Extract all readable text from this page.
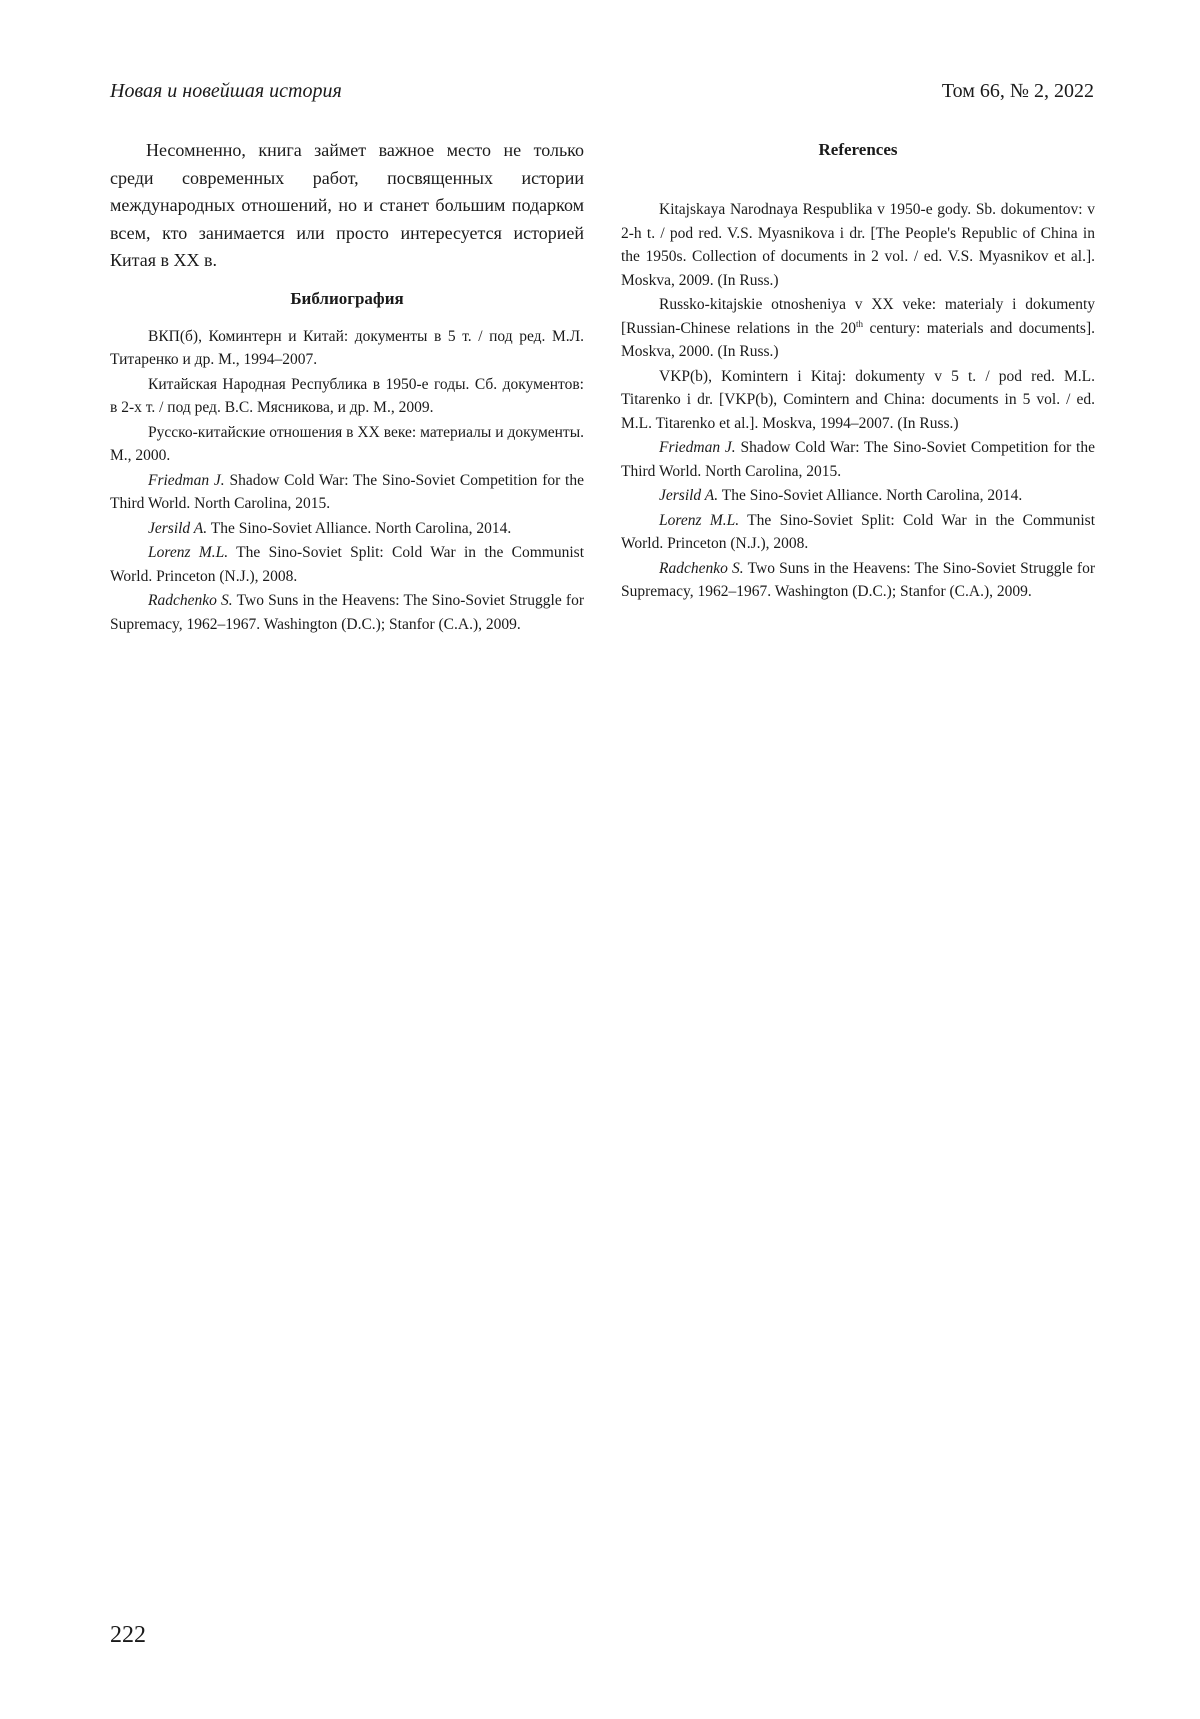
Новая и новейшая история	Том 66, № 2, 2022

Несомненно, книга займет важное место не только среди современных работ, посвященных истории международных отношений, но и станет большим подарком всем, кто занимается или просто интересуется историей Китая в XX в.

Библиография

ВКП(б), Коминтерн и Китай: документы в 5 т. / под ред. М.Л. Титаренко и др. М., 1994–2007.

Китайская Народная Республика в 1950-е годы. Сб. документов: в 2-х т. / под ред. В.С. Мясникова, и др. М., 2009.

Русско-китайские отношения в XX веке: материалы и документы. М., 2000.

Friedman J. Shadow Cold War: The Sino-Soviet Competition for the Third World. North Carolina, 2015.

Jersild A. The Sino-Soviet Alliance. North Carolina, 2014.

Lorenz M.L. The Sino-Soviet Split: Cold War in the Communist World. Princeton (N.J.), 2008.

Radchenko S. Two Suns in the Heavens: The Sino-Soviet Struggle for Supremacy, 1962–1967. Washington (D.C.); Stanfor (C.A.), 2009.

References

Kitajskaya Narodnaya Respublika v 1950-e gody. Sb. dokumentov: v 2-h t. / pod red. V.S. Myasnikova i dr. [The People's Republic of China in the 1950s. Collection of documents in 2 vol. / ed. V.S. Myasnikov et al.]. Moskva, 2009. (In Russ.)

Russko-kitajskie otnosheniya v XX veke: materialy i dokumenty [Russian-Chinese relations in the 20th century: materials and documents]. Moskva, 2000. (In Russ.)

VKP(b), Komintern i Kitaj: dokumenty v 5 t. / pod red. M.L. Titarenko i dr. [VKP(b), Comintern and China: documents in 5 vol. / ed. M.L. Titarenko et al.]. Moskva, 1994–2007. (In Russ.)

Friedman J. Shadow Cold War: The Sino-Soviet Competition for the Third World. North Carolina, 2015.

Jersild A. The Sino-Soviet Alliance. North Carolina, 2014.

Lorenz M.L. The Sino-Soviet Split: Cold War in the Communist World. Princeton (N.J.), 2008.

Radchenko S. Two Suns in the Heavens: The Sino-Soviet Struggle for Supremacy, 1962–1967. Washington (D.C.); Stanfor (C.A.), 2009.

222
